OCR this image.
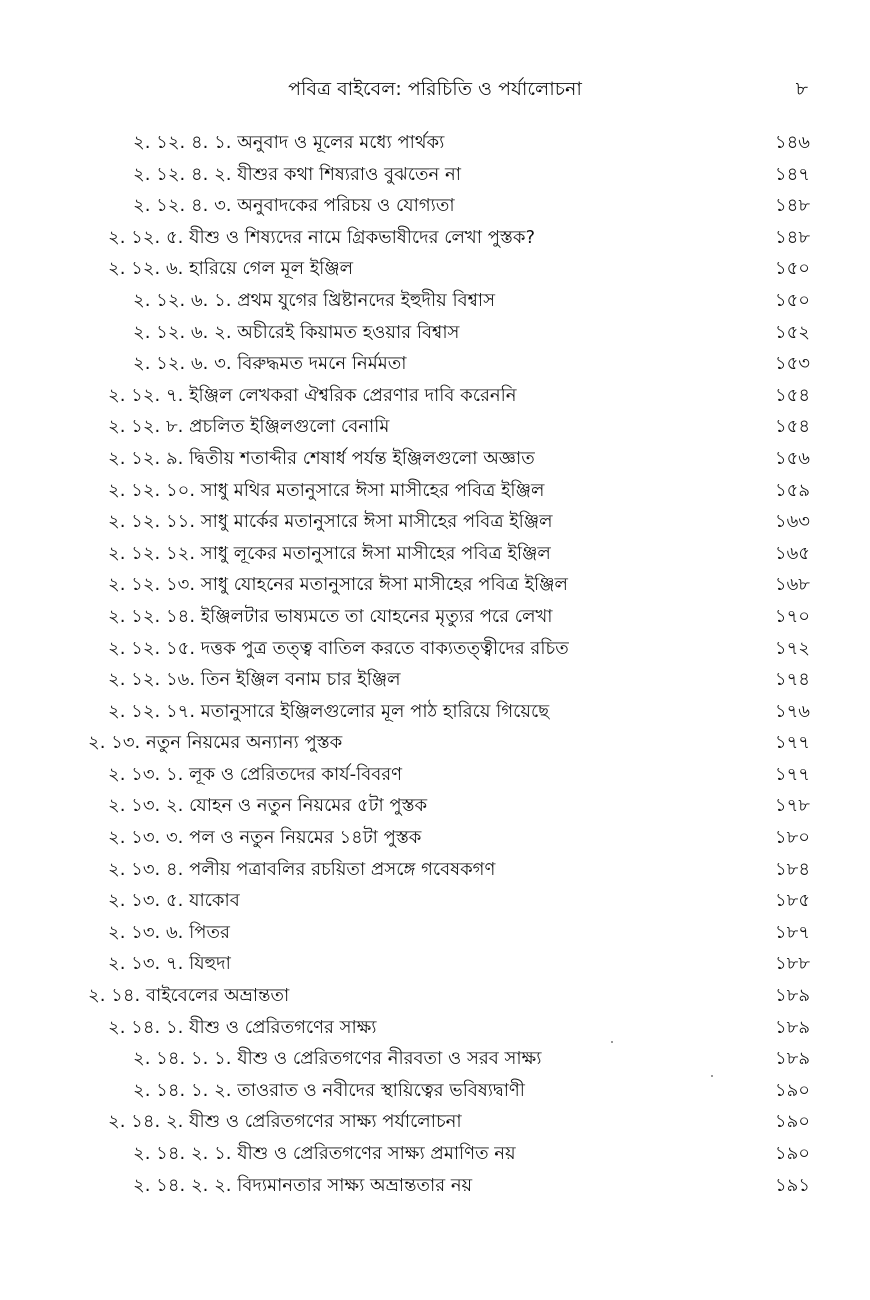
পবিত্র বাইবেল: পরিচিতি ও পর্যালোচনা	৮
২. ১২. ৪. ১. অনুবাদ ও মূলের মধ্যে পার্থক্য	১৪৬
২. ১২. ৪. ২. যীশুর কথা শিষ্যরাও বুঝতেন না	১৪৭
২. ১২. ৪. ৩. অনুবাদকের পরিচয় ও যোগ্যতা	১৪৮
২. ১২. ৫. যীশু ও শিষ্যদের নামে গ্রিকভাষীদের লেখা পুস্তক?	১৪৮
২. ১২. ৬. হারিয়ে গেল মূল ইঞ্জিল	১৫০
২. ১২. ৬. ১. প্রথম যুগের খ্রিষ্টানদের ইহুদীয় বিশ্বাস	১৫০
২. ১২. ৬. ২. অচীরেই কিয়ামত হওয়ার বিশ্বাস	১৫২
২. ১২. ৬. ৩. বিরুদ্ধমত দমনে নির্মমতা	১৫৩
২. ১২. ৭. ইঞ্জিল লেখকরা ঐশ্বরিক প্রেরণার দাবি করেননি	১৫৪
২. ১২. ৮. প্রচলিত ইঞ্জিলগুলো বেনামি	১৫৪
২. ১২. ৯. দ্বিতীয় শতাব্দীর শেষার্ধ পর্যন্ত ইঞ্জিলগুলো অজ্ঞাত	১৫৬
২. ১২. ১০. সাধু মথির মতানুসারে ঈসা মাসীহের পবিত্র ইঞ্জিল	১৫৯
২. ১২. ১১. সাধু মার্কের মতানুসারে ঈসা মাসীহের পবিত্র ইঞ্জিল	১৬৩
২. ১২. ১২. সাধু লূকের মতানুসারে ঈসা মাসীহের পবিত্র ইঞ্জিল	১৬৫
২. ১২. ১৩. সাধু যোহনের মতানুসারে ঈসা মাসীহের পবিত্র ইঞ্জিল	১৬৮
২. ১২. ১৪. ইঞ্জিলটার ভাষ্যমতে তা যোহনের মৃত্যুর পরে লেখা	১৭০
২. ১২. ১৫. দত্তক পুত্র তত্ত্ব বাতিল করতে বাক্যতত্ত্বীদের রচিত	১৭২
২. ১২. ১৬. তিন ইঞ্জিল বনাম চার ইঞ্জিল	১৭৪
২. ১২. ১৭. মতানুসারে ইঞ্জিলগুলোর মূল পাঠ হারিয়ে গিয়েছে	১৭৬
২. ১৩. নতুন নিয়মের অন্যান্য পুস্তক	১৭৭
২. ১৩. ১. লূক ও প্রেরিতদের কার্য-বিবরণ	১৭৭
২. ১৩. ২. যোহন ও নতুন নিয়মের ৫টা পুস্তক	১৭৮
২. ১৩. ৩. পল ও নতুন নিয়মের ১৪টা পুস্তক	১৮০
২. ১৩. ৪. পলীয় পত্রাবলির রচয়িতা প্রসঙ্গে গবেষকগণ	১৮৪
২. ১৩. ৫. যাকোব	১৮৫
২. ১৩. ৬. পিতর	১৮৭
২. ১৩. ৭. যিহুদা	১৮৮
২. ১৪. বাইবেলের অভ্রান্ততা	১৮৯
২. ১৪. ১. যীশু ও প্রেরিতগণের সাক্ষ্য	১৮৯
২. ১৪. ১. ১. যীশু ও প্রেরিতগণের নীরবতা ও সরব সাক্ষ্য	১৮৯
২. ১৪. ১. ২. তাওরাত ও নবীদের স্থায়িত্বের ভবিষ্যদ্বাণী	১৯০
২. ১৪. ২. যীশু ও প্রেরিতগণের সাক্ষ্য পর্যালোচনা	১৯০
২. ১৪. ২. ১. যীশু ও প্রেরিতগণের সাক্ষ্য প্রমাণিত নয়	১৯০
২. ১৪. ২. ২. বিদ্যমানতার সাক্ষ্য অভ্রান্ততার নয়	১৯১
